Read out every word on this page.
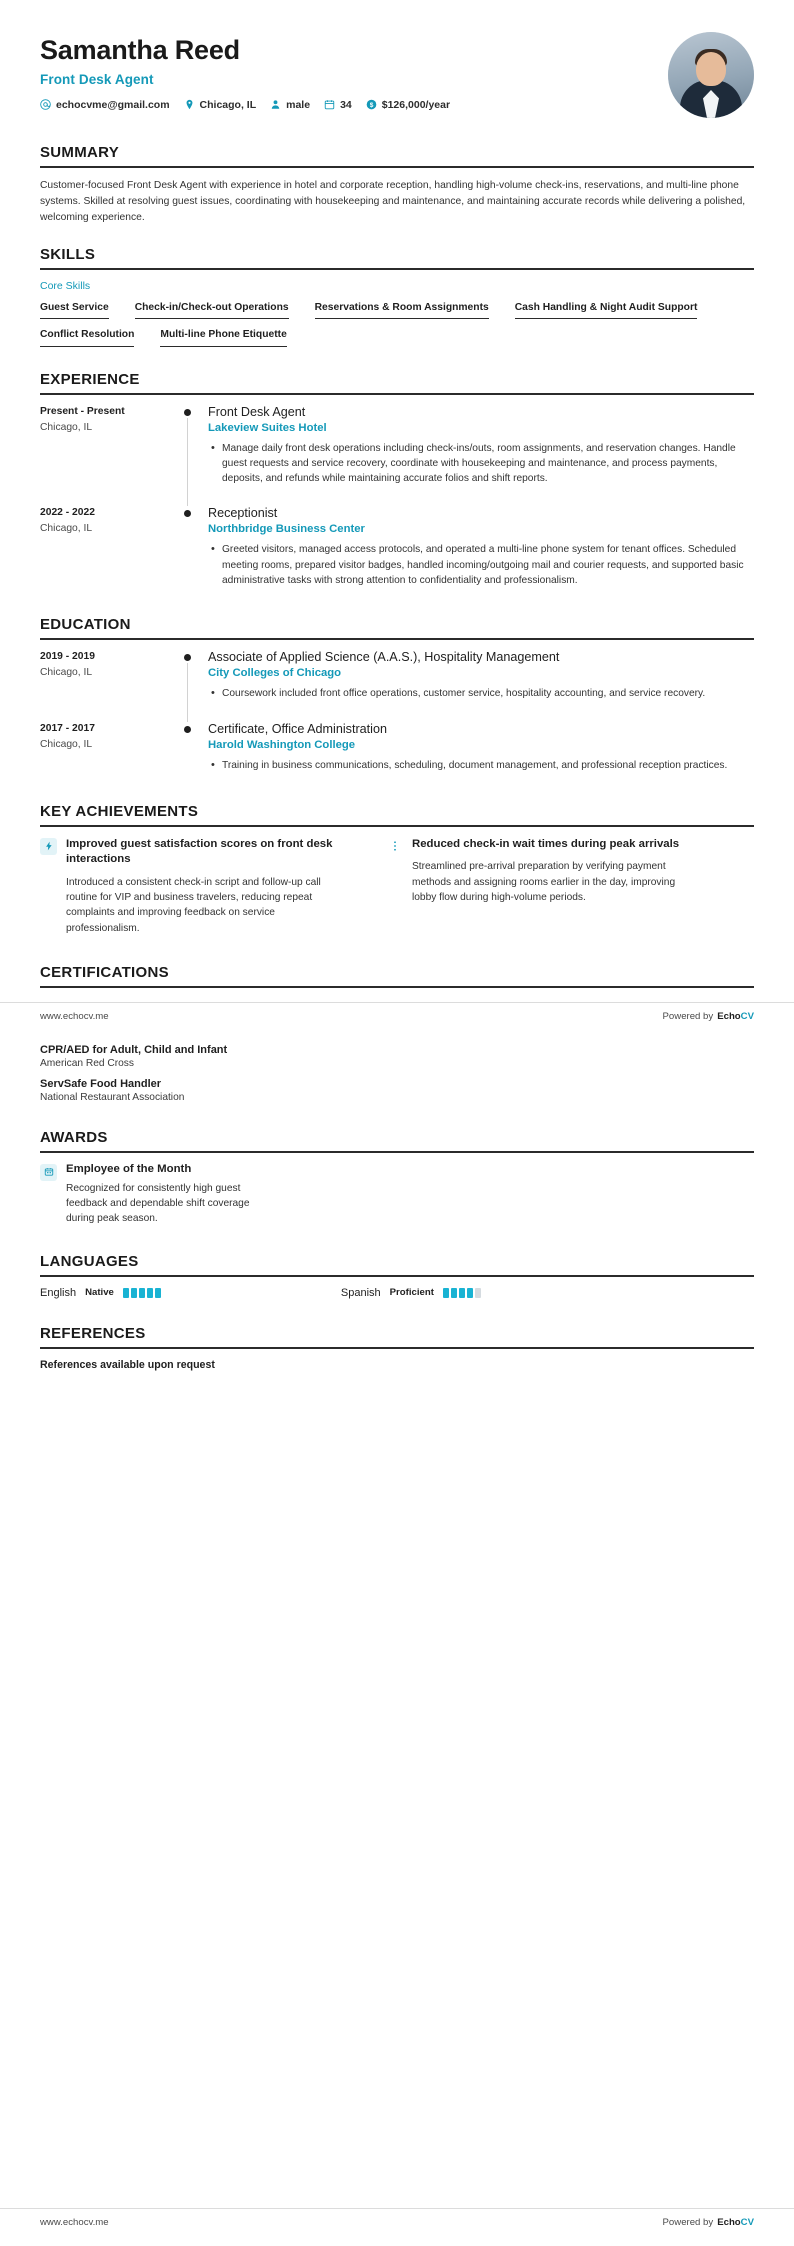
Samantha Reed
Front Desk Agent
echocvme@gmail.com	Chicago, IL	male	34 $ $126,000/year
SUMMARY
Customer-focused Front Desk Agent with experience in hotel and corporate reception, handling high-volume check-ins, reservations, and multi-line phone systems. Skilled at resolving guest issues, coordinating with housekeeping and maintenance, and maintaining accurate records while delivering a polished, welcoming experience.
SKILLS
Core Skills
Guest Service	Check-in/Check-out Operations	Reservations & Room Assignments	Cash Handling & Night Audit Support
Conflict Resolution	Multi-line Phone Etiquette
EXPERIENCE
Present - Present
Chicago, IL
Front Desk Agent
Lakeview Suites Hotel
• Manage daily front desk operations including check-ins/outs, room assignments, and reservation changes. Handle guest requests and service recovery, coordinate with housekeeping and maintenance, and process payments, deposits, and refunds while maintaining accurate folios and shift reports.
2022 - 2022
Chicago, IL
Receptionist
Northbridge Business Center
• Greeted visitors, managed access protocols, and operated a multi-line phone system for tenant offices. Scheduled meeting rooms, prepared visitor badges, handled incoming/outgoing mail and courier requests, and supported basic administrative tasks with strong attention to confidentiality and professionalism.
EDUCATION
2019 - 2019
Chicago, IL
Associate of Applied Science (A.A.S.), Hospitality Management
City Colleges of Chicago
• Coursework included front office operations, customer service, hospitality accounting, and service recovery.
2017 - 2017
Chicago, IL
Certificate, Office Administration
Harold Washington College
• Training in business communications, scheduling, document management, and professional reception practices.
KEY ACHIEVEMENTS
Improved guest satisfaction scores on front desk interactions
Introduced a consistent check-in script and follow-up call routine for VIP and business travelers, reducing repeat complaints and improving feedback on service professionalism.
Reduced check-in wait times during peak arrivals
Streamlined pre-arrival preparation by verifying payment methods and assigning rooms earlier in the day, improving lobby flow during high-volume periods.
CERTIFICATIONS
www.echocv.me	Powered by EchoCV
CPR/AED for Adult, Child and Infant
American Red Cross
ServSafe Food Handler
National Restaurant Association
AWARDS
Employee of the Month
Recognized for consistently high guest feedback and dependable shift coverage during peak season.
LANGUAGES
English Native	Spanish Proficient
REFERENCES
References available upon request
www.echocv.me	Powered by EchoCV
